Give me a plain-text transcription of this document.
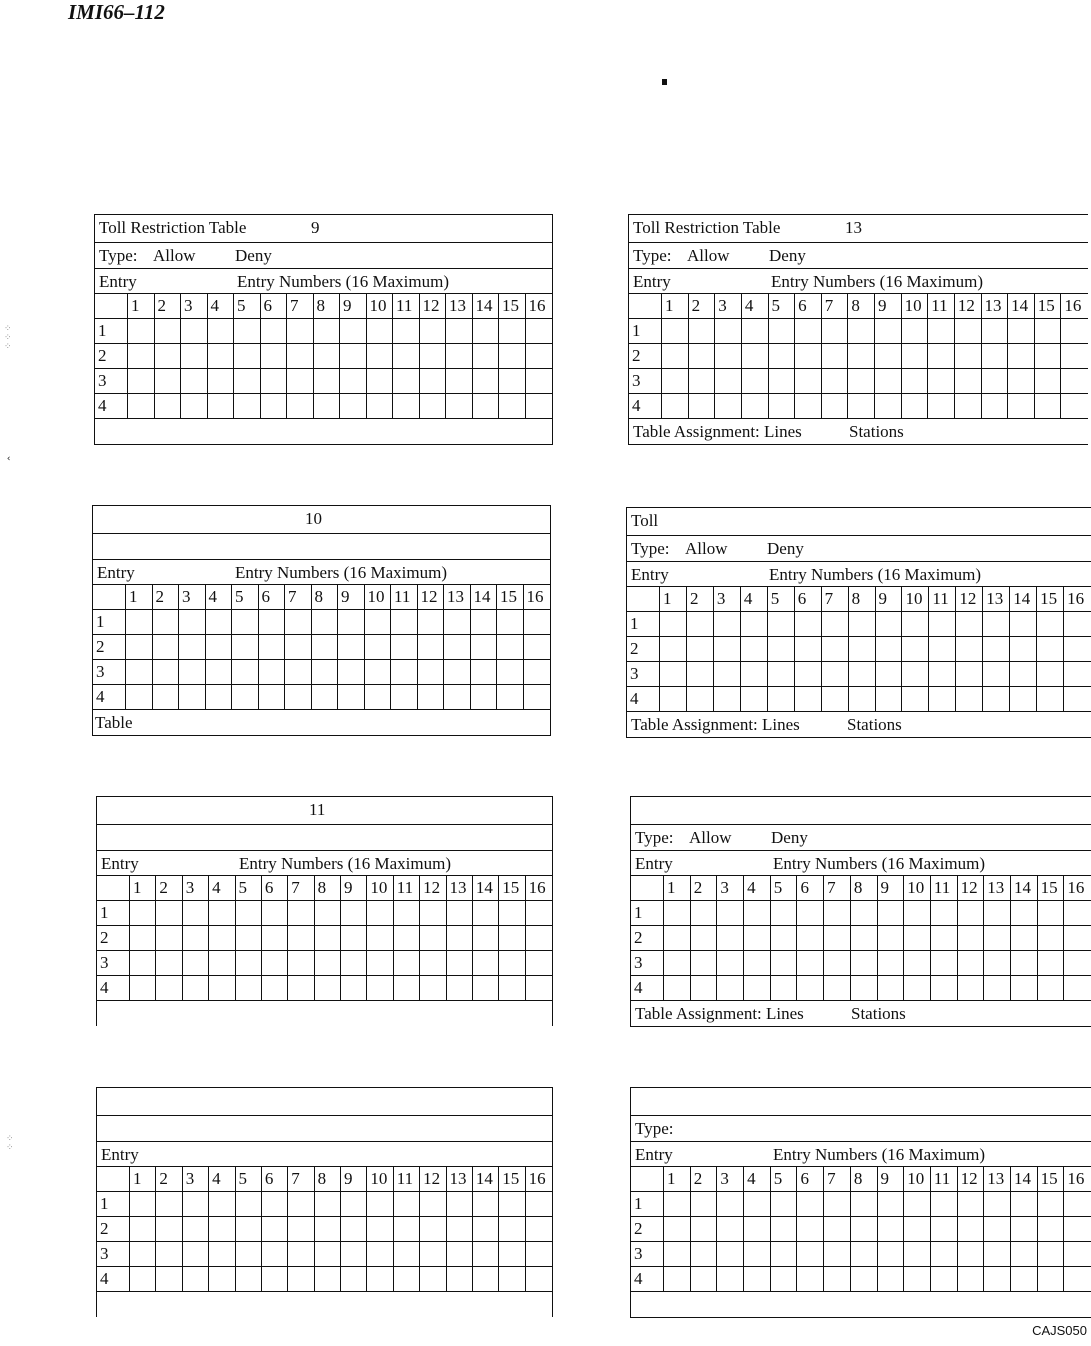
IMI66–112
⁘
⁘
⁘
⁘
⁘
‹
CAJS050
Toll Restriction Table	9
Type: Allow Deny
Entry	Entry Numbers (16 Maximum)
1	2	3	4	5	6	7	8	9	10 11 12 13 14 15 16
1
2
3
4
Toll Restriction Table	13
Type: Allow Deny
Entry	Entry Numbers (16 Maximum)
1	2	3	4	5	6	7	8	9	10 11 12 13 14 15 16
1
2
3
4
Table Assignment: Lines	Stations
10
Entry	Entry Numbers (16 Maximum)
1	2	3	4	5	6	7	8	9	10 11 12 13 14 15 16
1
2
3
4
Table
Toll
Type: Allow Deny
Entry	Entry Numbers (16 Maximum)
1	2	3	4	5	6	7	8	9	10 11 12 13 14 15 16
1
2
3
4
Table Assignment: Lines	Stations
11
Entry	Entry Numbers (16 Maximum)
1	2	3	4	5	6	7	8	9	10 11 12 13 14 15 16
1
2
3
4
Type: Allow Deny
Entry	Entry Numbers (16 Maximum)
1	2	3	4	5	6	7	8	9	10 11 12 13 14 15 16
1
2
3
4
Table Assignment: Lines	Stations
Entry
1	2	3	4	5	6	7	8	9	10 11 12 13 14 15 16
1
2
3
4
Type:
Entry	Entry Numbers (16 Maximum)
1	2	3	4	5	6	7	8	9	10 11 12 13 14 15 16
1
2
3
4
